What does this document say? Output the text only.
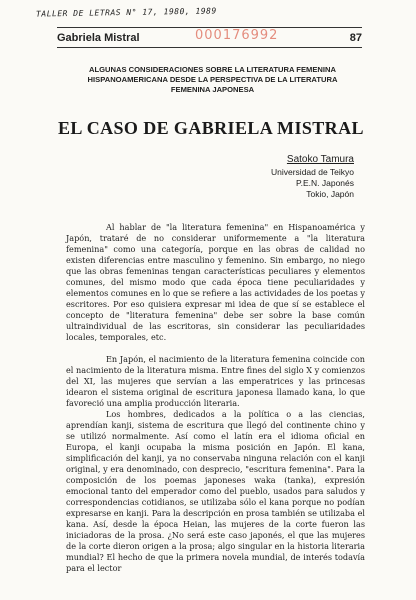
TALLER DE LETRAS N° 17, 1980, 1989
Gabriela Mistral	87
000176992
ALGUNAS CONSIDERACIONES SOBRE LA LITERATURA FEMENINA HISPANOAMERICANA DESDE LA PERSPECTIVA DE LA LITERATURA FEMENINA JAPONESA
EL CASO DE GABRIELA MISTRAL
Satoko Tamura
Universidad de Teikyo
P.E.N. Japonés
Tokio, Japón

Al hablar de "la literatura femenina" en Hispanoamérica y Japón, trataré de no considerar uniformemente a "la literatura femenina" como una categoría, porque en las obras de calidad no existen diferencias entre masculino y femenino. Sin embargo, no niego que las obras femeninas tengan características peculiares y elementos comunes, del mismo modo que cada época tiene peculiaridades y elementos comunes en lo que se refiere a las actividades de los poetas y escritores. Por eso quisiera expresar mi idea de que sí se establece el concepto de "literatura femenina" debe ser sobre la base común ultraindividual de las escritoras, sin considerar las peculiaridades locales, temporales, etc.

En Japón, el nacimiento de la literatura femenina coincide con el nacimiento de la literatura misma. Entre fines del siglo X y comienzos del XI, las mujeres que servían a las emperatrices y las princesas idearon el sistema original de escritura japonesa llamado kana, lo que favoreció una amplia producción literaria.

Los hombres, dedicados a la política o a las ciencias, aprendían kanji, sistema de escritura que llegó del continente chino y se utilizó normalmente. Así como el latín era el idioma oficial en Europa, el kanji ocupaba la misma posición en Japón. El kana, simplificación del kanji, ya no conservaba ninguna relación con el kanji original, y era denominado, con desprecio, "escritura femenina". Para la composición de los poemas japoneses waka (tanka), expresión emocional tanto del emperador como del pueblo, usados para saludos y correspondencias cotidianos, se utilizaba sólo el kana porque no podían expresarse en kanji. Para la descripción en prosa también se utilizaba el kana. Así, desde la época Heian, las mujeres de la corte fueron las iniciadoras de la prosa. ¿No será este caso japonés, el que las mujeres de la corte dieron origen a la prosa; algo singular en la historia literaria mundial? El hecho de que la primera novela mundial, de interés todavía para el lector
